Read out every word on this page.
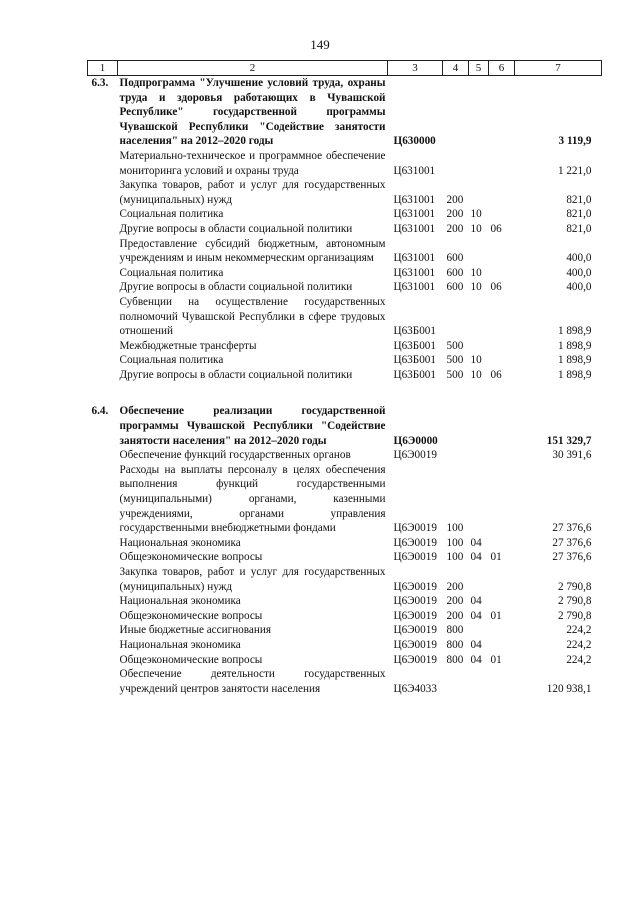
149
1	2	3	4	5	6	7
6.3.	Подпрограмма "Улучшение условий труда, охраны труда и здоровья работающих в Чувашской Республике" государственной программы Чувашской Республики "Содействие занятости населения" на 2012–2020 годы	Ц630000				3 119,9
	Материально-техническое и программное обеспечение мониторинга условий и охраны труда	Ц631001				1 221,0
	Закупка товаров, работ и услуг для государственных (муниципальных) нужд	Ц631001	200			821,0
	Социальная политика	Ц631001	200	10		821,0
	Другие вопросы в области социальной политики	Ц631001	200	10	06	821,0
	Предоставление субсидий бюджетным, автономным учреждениям и иным некоммерческим организациям	Ц631001	600			400,0
	Социальная политика	Ц631001	600	10		400,0
	Другие вопросы в области социальной политики	Ц631001	600	10	06	400,0
	Субвенции на осуществление государственных полномочий Чувашской Республики в сфере трудовых отношений	Ц63Б001				1 898,9
	Межбюджетные трансферты	Ц63Б001	500			1 898,9
	Социальная политика	Ц63Б001	500	10		1 898,9
	Другие вопросы в области социальной политики	Ц63Б001	500	10	06	1 898,9

6.4.	Обеспечение реализации государственной программы Чувашской Республики "Содействие занятости населения" на 2012–2020 годы	Ц6Э0000				151 329,7
	Обеспечение функций государственных органов	Ц6Э0019				30 391,6
	Расходы на выплаты персоналу в целях обеспечения выполнения функций государственными (муниципальными) органами, казенными учреждениями, органами управления государственными внебюджетными фондами	Ц6Э0019	100			27 376,6
	Национальная экономика	Ц6Э0019	100	04		27 376,6
	Общеэкономические вопросы	Ц6Э0019	100	04	01	27 376,6
	Закупка товаров, работ и услуг для государственных (муниципальных) нужд	Ц6Э0019	200			2 790,8
	Национальная экономика	Ц6Э0019	200	04		2 790,8
	Общеэкономические вопросы	Ц6Э0019	200	04	01	2 790,8
	Иные бюджетные ассигнования	Ц6Э0019	800			224,2
	Национальная экономика	Ц6Э0019	800	04		224,2
	Общеэкономические вопросы	Ц6Э0019	800	04	01	224,2
	Обеспечение деятельности государственных учреждений центров занятости населения	Ц6Э4033				120 938,1
